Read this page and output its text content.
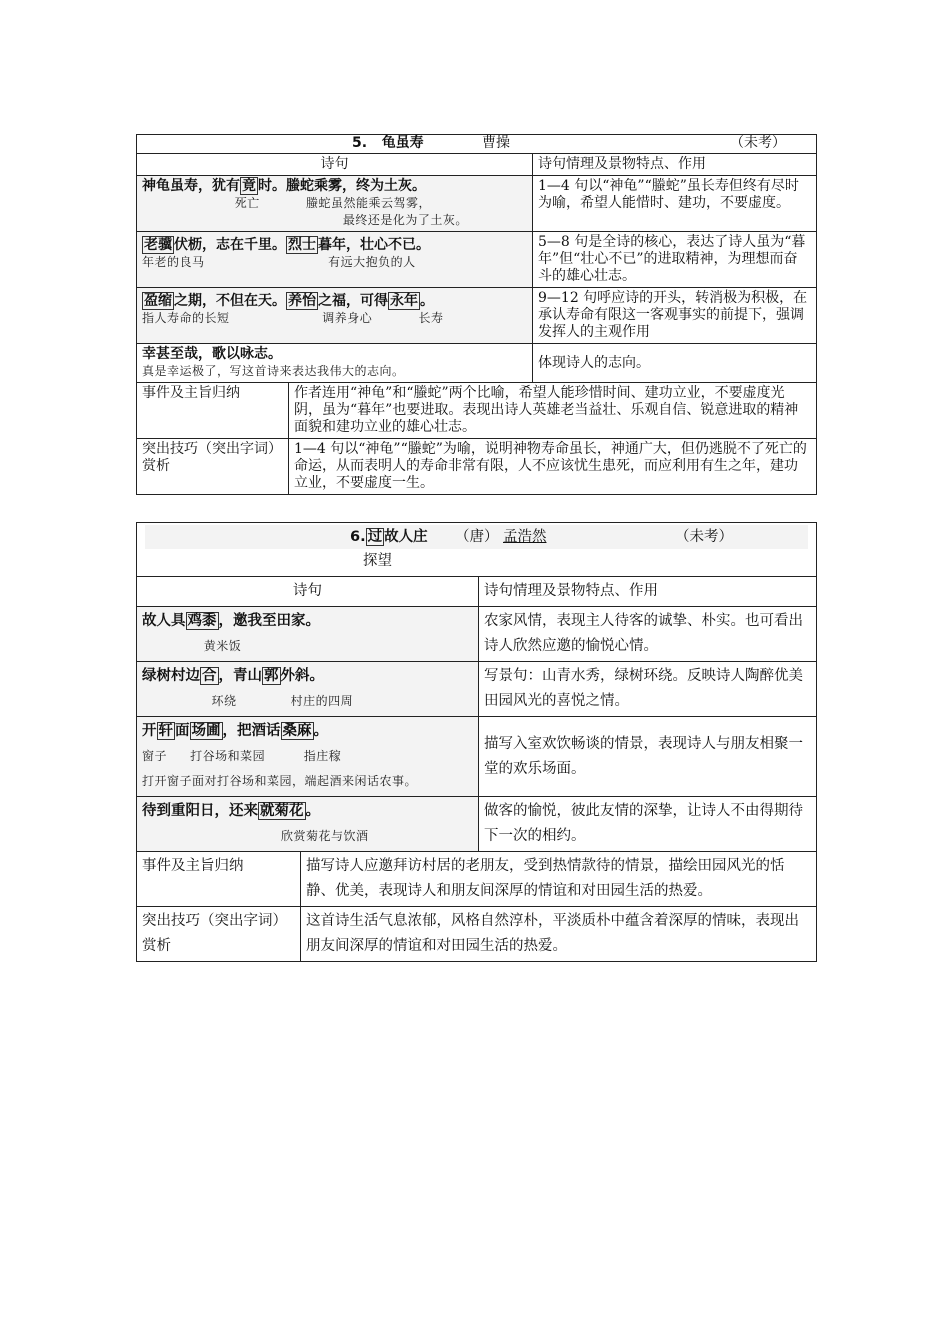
5. 龟虽寿 曹操 （未考）		

诗句		诗句情理及景物特点、作用

神龟虽寿，犹有 竟 时。螣蛇乘雾，终为土灰。
死亡      螣蛇虽然能乘云驾雾，
最终还是化为了土灰。		1—4 句以“神龟”“螣蛇”虽长寿但终有尽时为喻，希望人能惜时、建功，不要虚度。

老骥 伏枥，志在千里。 烈士 暮年，壮心不已。
年老的良马                有远大抱负的人		5—8 句是全诗的核心，表达了诗人虽为“暮年”但“壮心不已”的进取精神，为理想而奋斗的雄心壮志。

盈缩 之期，不但在天。 养怡 之福，可得 永年 。
指人寿命的长短            调养身心      长寿		9—12 句呼应诗的开头，转消极为积极，在承认寿命有限这一客观事实的前提下，强调发挥人的主观作用

幸甚至哉，歌以咏志。
真是幸运极了，写这首诗来表达我伟大的志向。		体现诗人的志向。
事件及主旨归纳	作者连用“神龟”和“螣蛇”两个比喻，希望人能珍惜时间、建功立业，不要虚度光阴，虽为“暮年”也要进取。表现出诗人英雄老当益壮、乐观自信、锐意进取的精神面貌和建功立业的雄心壮志。	
突出技巧（突出字词）赏析	1—4 句以“神龟”“螣蛇”为喻，说明神物寿命虽长，神通广大，但仍逃脱不了死亡的命运，从而表明人的寿命非常有限，人不应该忧生患死，而应利用有生之年，建功立业，不要虚度一生。	
6. 过 故人庄 （唐） 孟浩然 （未考）
探望		

诗句		诗句情理及景物特点、作用

故人具 鸡黍 ，邀我至田家。
黄米饭		农家风情，表现主人待客的诚挚、朴实。也可看出诗人欣然应邀的愉悦心情。

绿树村边 合 ，青山 郭 外斜。
环绕       村庄的四周		写景句：山青水秀，绿树环绕。反映诗人陶醉优美田园风光的喜悦之情。

开 轩 面 场圃 ，把酒话 桑麻 。
窗子   打谷场和菜园     指庄稼
打开窗子面对打谷场和菜园，端起酒来闲话农事。		描写入室欢饮畅谈的情景，表现诗人与朋友相聚一堂的欢乐场面。

待到重阳日，还来 就菊花 。
欣赏菊花与饮酒		做客的愉悦，彼此友情的深挚，让诗人不由得期待下一次的相约。
事件及主旨归纳	描写诗人应邀拜访村居的老朋友，受到热情款待的情景，描绘田园风光的恬静、优美，表现诗人和朋友间深厚的情谊和对田园生活的热爱。	
突出技巧（突出字词）赏析	这首诗生活气息浓郁，风格自然淳朴，平淡质朴中蕴含着深厚的情味，表现出朋友间深厚的情谊和对田园生活的热爱。	
